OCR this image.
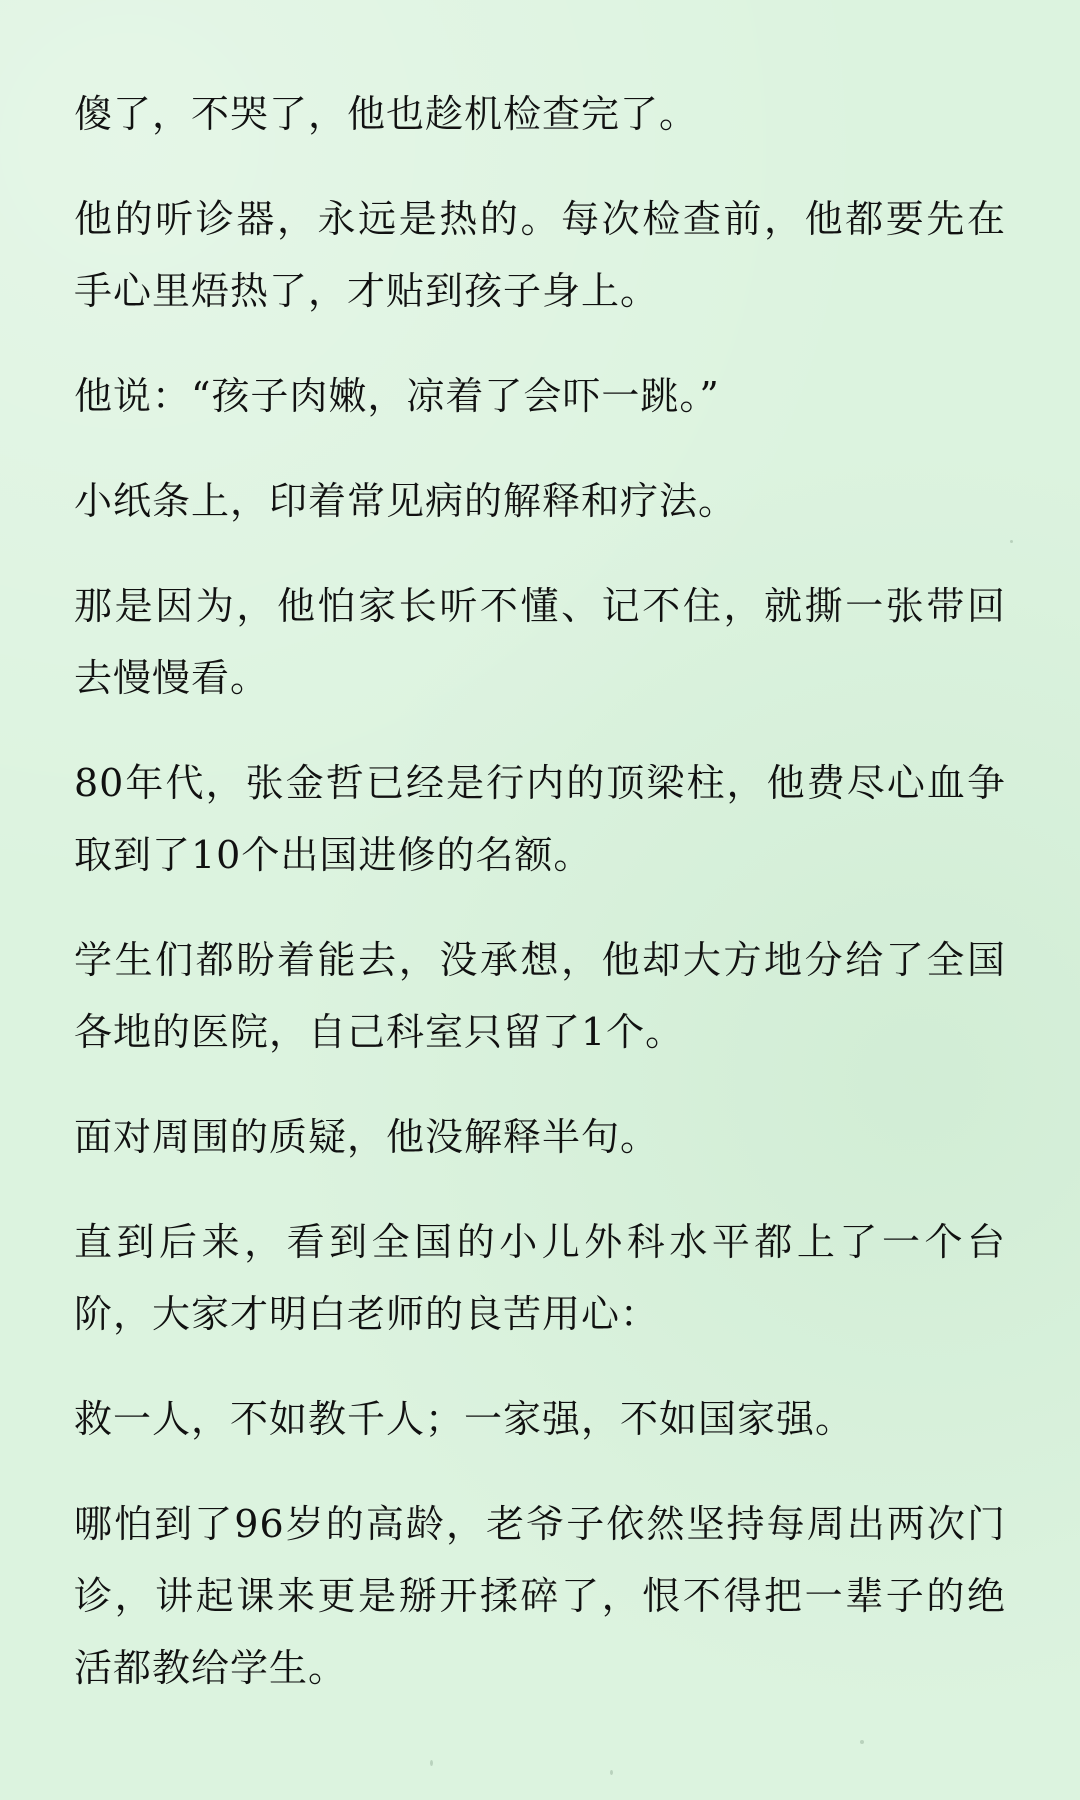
傻了，不哭了，他也趁机检查完了。

他的听诊器，永远是热的。每次检查前，他都要先在手心里焐热了，才贴到孩子身上。

他说：“孩子肉嫩，凉着了会吓一跳。”

小纸条上，印着常见病的解释和疗法。

那是因为，他怕家长听不懂、记不住，就撕一张带回去慢慢看。

80年代，张金哲已经是行内的顶梁柱，他费尽心血争取到了10个出国进修的名额。

学生们都盼着能去，没承想，他却大方地分给了全国各地的医院，自己科室只留了1个。

面对周围的质疑，他没解释半句。

直到后来，看到全国的小儿外科水平都上了一个台阶，大家才明白老师的良苦用心：

救一人，不如教千人；一家强，不如国家强。

哪怕到了96岁的高龄，老爷子依然坚持每周出两次门诊，讲起课来更是掰开揉碎了，恨不得把一辈子的绝活都教给学生。
